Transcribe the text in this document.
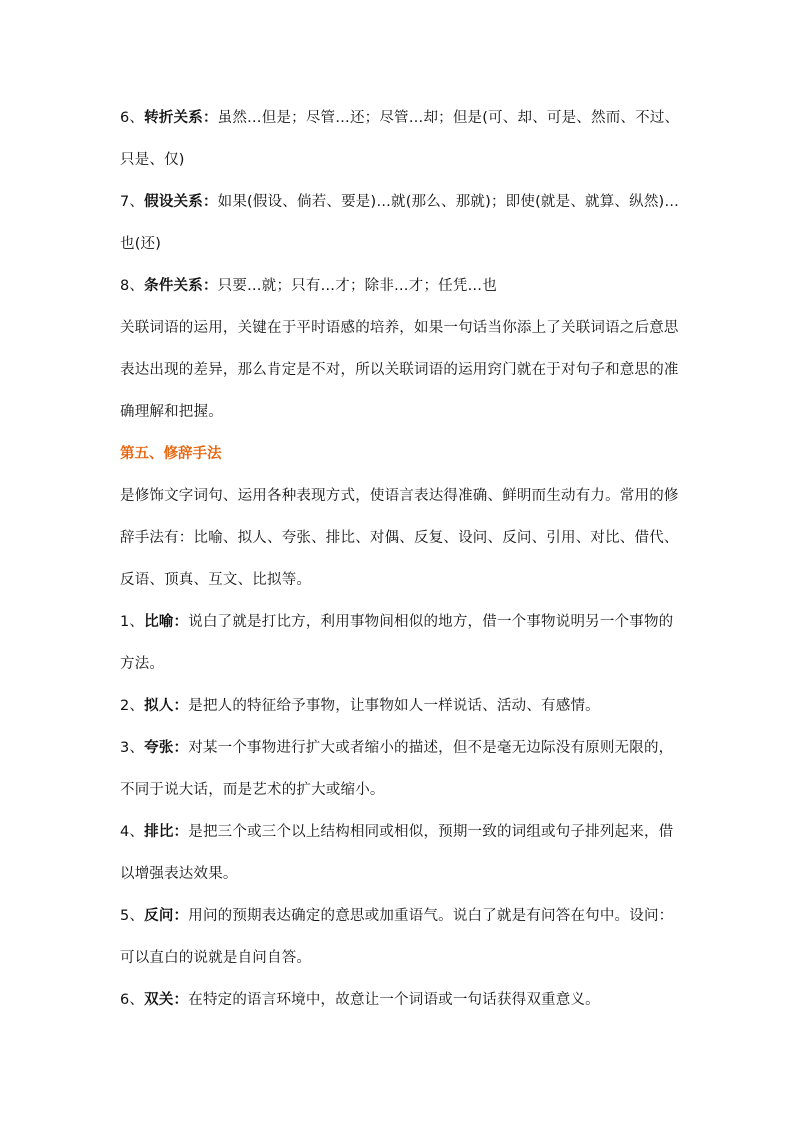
6、转折关系：虽然…但是；尽管…还；尽管…却；但是(可、却、可是、然而、不过、只是、仅)

7、假设关系：如果(假设、倘若、要是)…就(那么、那就)；即使(就是、就算、纵然)…也(还)

8、条件关系：只要…就；只有…才；除非…才；任凭…也

关联词语的运用，关键在于平时语感的培养，如果一句话当你添上了关联词语之后意思表达出现的差异，那么肯定是不对，所以关联词语的运用窍门就在于对句子和意思的准确理解和把握。

第五、修辞手法

是修饰文字词句、运用各种表现方式，使语言表达得准确、鲜明而生动有力。常用的修辞手法有：比喻、拟人、夸张、排比、对偶、反复、设问、反问、引用、对比、借代、反语、顶真、互文、比拟等。

1、比喻：说白了就是打比方，利用事物间相似的地方，借一个事物说明另一个事物的方法。

2、拟人：是把人的特征给予事物，让事物如人一样说话、活动、有感情。

3、夸张：对某一个事物进行扩大或者缩小的描述，但不是毫无边际没有原则无限的，不同于说大话，而是艺术的扩大或缩小。

4、排比：是把三个或三个以上结构相同或相似，预期一致的词组或句子排列起来，借以增强表达效果。

5、反问：用问的预期表达确定的意思或加重语气。说白了就是有问答在句中。设问：可以直白的说就是自问自答。

6、双关：在特定的语言环境中，故意让一个词语或一句话获得双重意义。
